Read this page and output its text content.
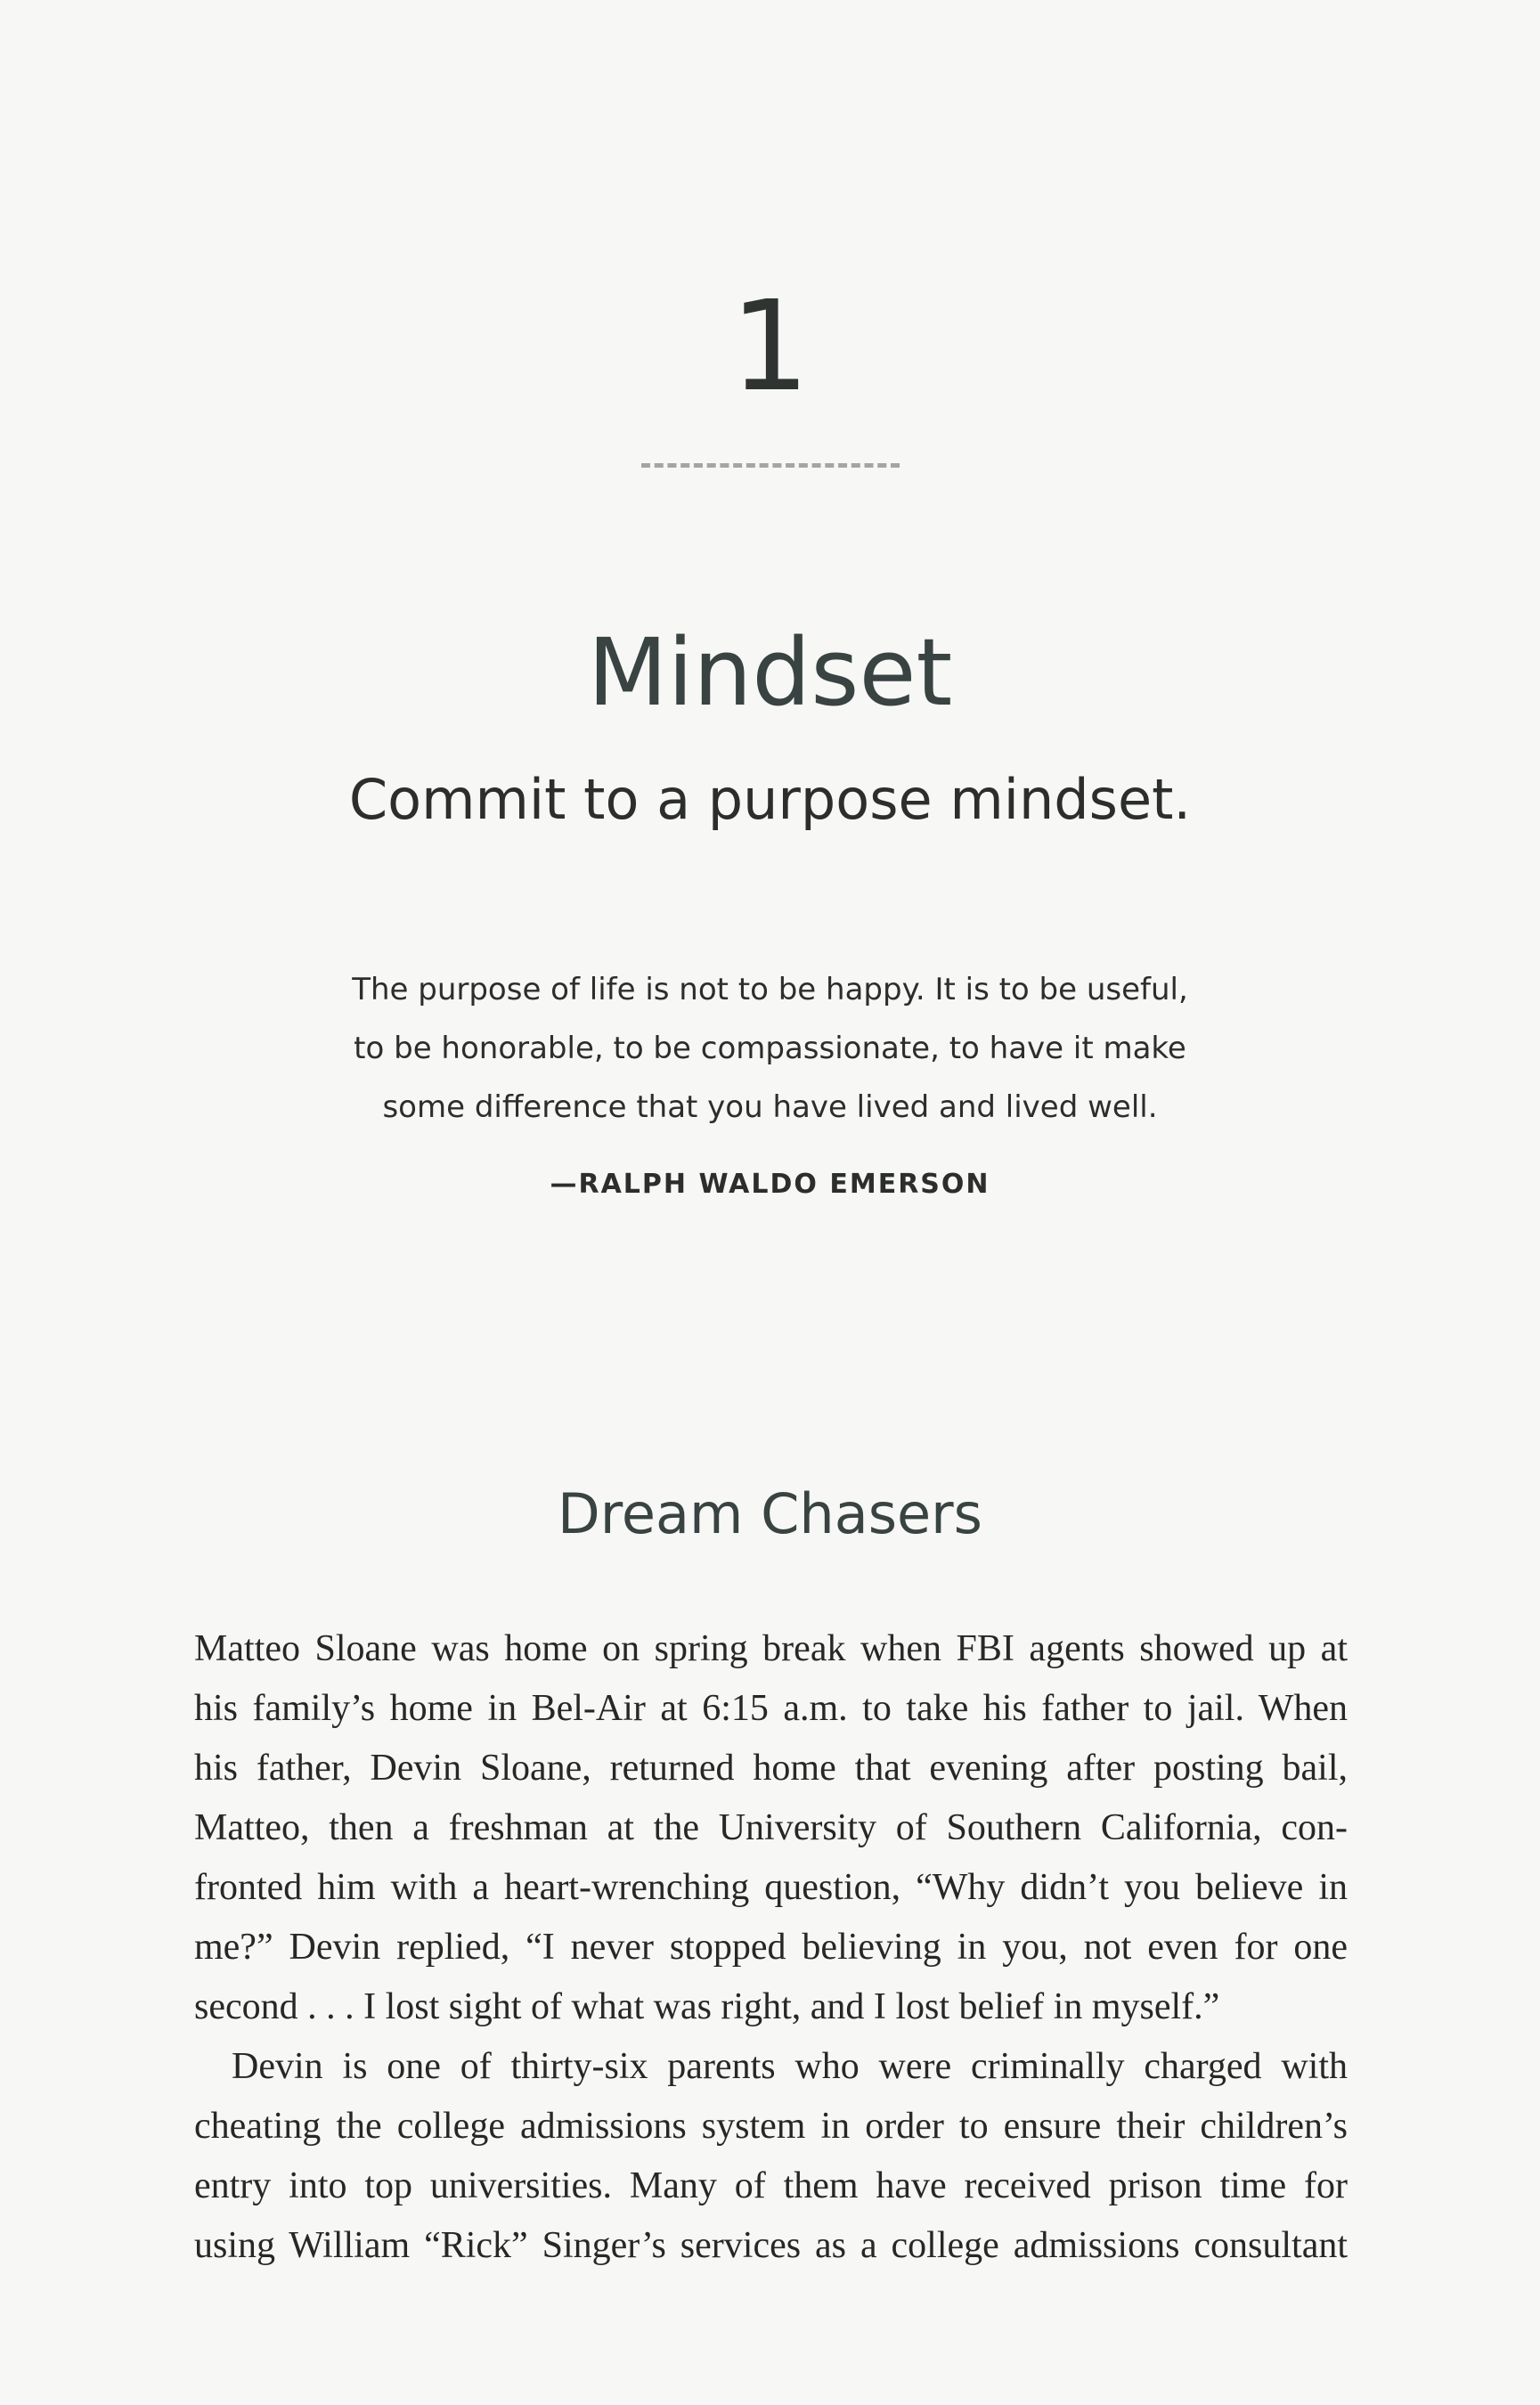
1
Mindset
Commit to a purpose mindset.
The purpose of life is not to be happy. It is to be useful,
to be honorable, to be compassionate, to have it make
some difference that you have lived and lived well.
—RALPH WALDO EMERSON
Dream Chasers
Matteo Sloane was home on spring break when FBI agents showed up at
his family’s home in Bel-Air at 6:15 a.m. to take his father to jail. When
his father, Devin Sloane, returned home that evening after posting bail,
Matteo, then a freshman at the University of Southern California, con-
fronted him with a heart-wrenching question, “Why didn’t you believe in
me?” Devin replied, “I never stopped believing in you, not even for one
second . . . I lost sight of what was right, and I lost belief in myself.”
Devin is one of thirty-six parents who were criminally charged with
cheating the college admissions system in order to ensure their children’s
entry into top universities. Many of them have received prison time for
using William “Rick” Singer’s services as a college admissions consultant
